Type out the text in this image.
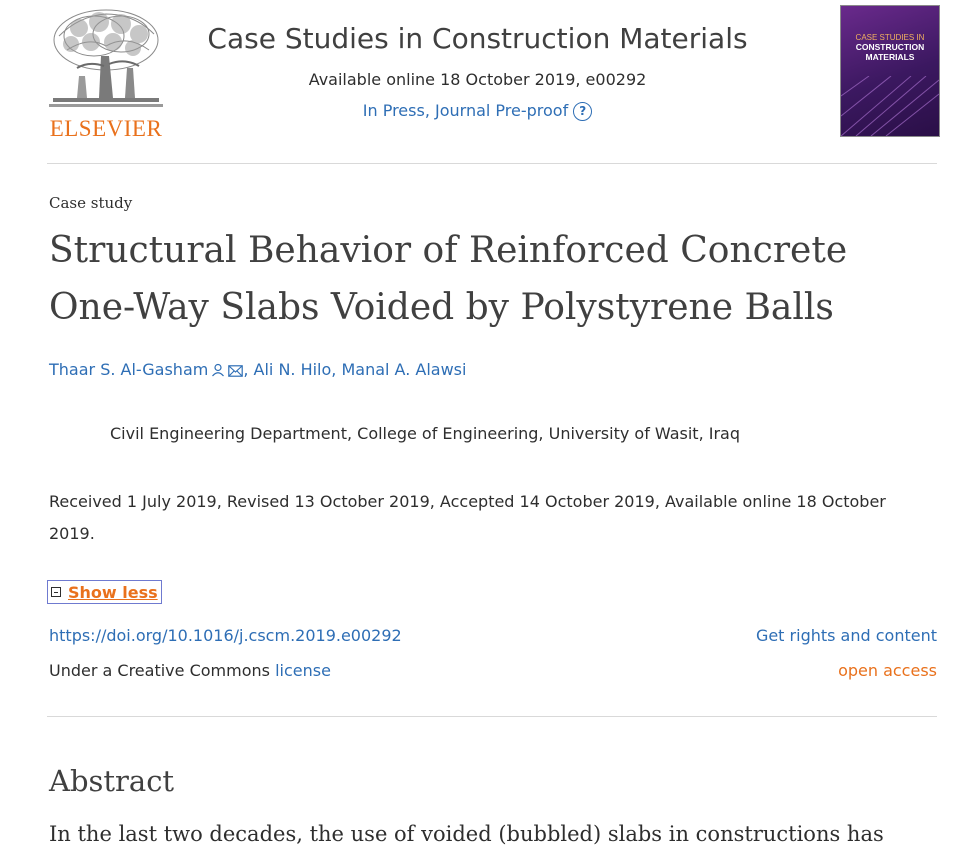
ELSEVIER
Case Studies in Construction Materials
Available online 18 October 2019, e00292
In Press, Journal Pre-proof ?
CASE STUDIES IN
CONSTRUCTION MATERIALS
Case study
Structural Behavior of Reinforced Concrete One-Way Slabs Voided by Polystyrene Balls
Thaar S. Al-Gasham , Ali N. Hilo, Manal A. Alawsi
Civil Engineering Department, College of Engineering, University of Wasit, Iraq
Received 1 July 2019, Revised 13 October 2019, Accepted 14 October 2019, Available online 18 October 2019.
Show less
https://doi.org/10.1016/j.cscm.2019.e00292	Get rights and content
Under a Creative Commons license	open access
Abstract
In the last two decades, the use of voided (bubbled) slabs in constructions has
